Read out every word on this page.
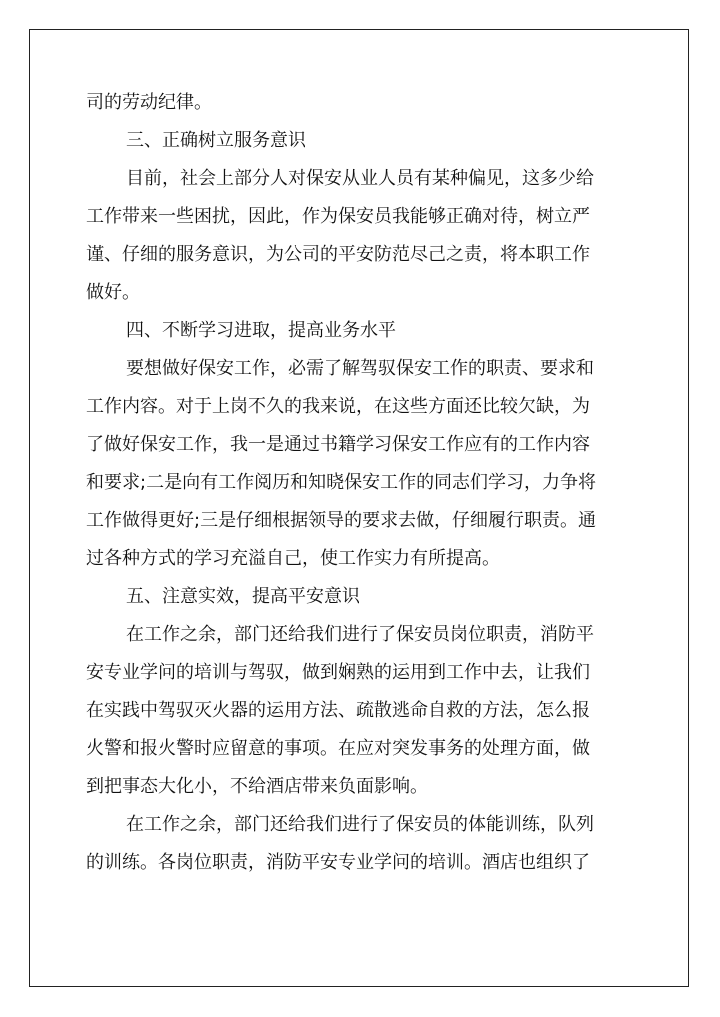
司的劳动纪律。
三、正确树立服务意识
目前，社会上部分人对保安从业人员有某种偏见，这多少给
工作带来一些困扰，因此，作为保安员我能够正确对待，树立严
谨、仔细的服务意识，为公司的平安防范尽己之责，将本职工作
做好。
四、不断学习进取，提高业务水平
要想做好保安工作，必需了解驾驭保安工作的职责、要求和
工作内容。对于上岗不久的我来说，在这些方面还比较欠缺，为
了做好保安工作，我一是通过书籍学习保安工作应有的工作内容
和要求;二是向有工作阅历和知晓保安工作的同志们学习，力争将
工作做得更好;三是仔细根据领导的要求去做，仔细履行职责。通
过各种方式的学习充溢自己，使工作实力有所提高。
五、注意实效，提高平安意识
在工作之余，部门还给我们进行了保安员岗位职责，消防平
安专业学问的培训与驾驭，做到娴熟的运用到工作中去，让我们
在实践中驾驭灭火器的运用方法、疏散逃命自救的方法，怎么报
火警和报火警时应留意的事项。在应对突发事务的处理方面，做
到把事态大化小，不给酒店带来负面影响。
在工作之余，部门还给我们进行了保安员的体能训练，队列
的训练。各岗位职责，消防平安专业学问的培训。酒店也组织了
